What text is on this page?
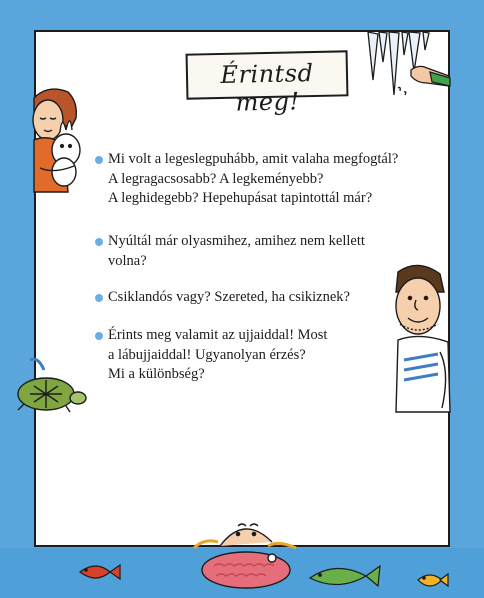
Érintsd meg!
Mi volt a legeslegpuhább, amit valaha megfogtál?
A legragacsosabb? A legkeményebb?
A leghidegebb? Hepehupásat tapintottál már?
Nyúltál már olyasmihez, amihez nem kellett
volna?
Csiklandós vagy? Szereted, ha csikiznek?
Érints meg valamit az ujjaiddal! Most
a lábujjaiddal! Ugyanolyan érzés?
Mi a különbség?
